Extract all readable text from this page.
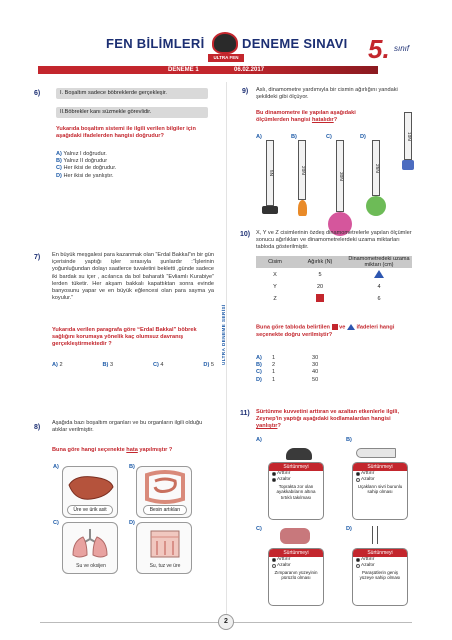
FEN BİLİMLERİ	DENEME SINAVI
ULTRA FEN
DENEME 1	06.02.2017
5. sınıf
6)	I. Boşaltım sadece böbreklerde gerçekleşir.
II.Böbrekler kanı süzmekle görevlidir.
Yukarıda boşaltım sistemi ile ilgili verilen bilgiler için aşağıdaki ifadelerden hangisi doğrudur?
A) Yalnız I doğrudur.
B) Yalnız II doğrudur
C) Her ikisi de doğrudur.
D) Her ikisi de yanlıştır.
7) En büyük meşgalesi para kazanmak olan “Erdal Bakkal”ın bir gün içerisinde yaptığı işler sırasıyla şunlardır :“İşlerinin yoğunluğundan dolayı saatlerce tuvaletini bekletti ,günde sadece iki bardak su içer , acılarıca da bol baharatlı “Evliamlı Kurabiye” lerden tüketir. Her akşam bakkalı kapattıktan sonra evinde banyosunu yapar ve en büyük eğlencesi olan para sayma ya koyulur.”
Yukarıda verilen paragrafa göre “Erdal Bakkal” böbrek sağlığını korumaya yönelik kaç olumsuz davranış gerçekleştirmektedir ?
A) 2	B) 3	C) 4	D) 5 ULTRA DENEME SERİSİ
8)
Aşağıda bazı boşaltım organları ve bu organların ilgili olduğu atıklar verilmiştir.
Buna göre hangi seçenekte hata yapılmıştır ?
A)
Üre ve ürik asit
B)
Besin artıkları
C)
Su ve oksijen
D)
Su, tuz ve üre
9) Aslı, dinamometre yardımıyla bir cismin ağırlığını yandaki şekildeki gibi ölçüyor.
Bu dinamometre ile yapılan aşağıdaki ölçümlerden hangisi hatalıdır?
10N
A)
5N
B)
20N
C)
30N
D)
25N
10) X, Y ve Z cisimlerinin özdeş dinamometrelerle yapılan ölçümler sonucu ağırlıkları ve dinamometrelerdeki uzama miktarları tabloda gösterilmiştir.
Cisim	Ağırlık (N)	Dinamometredeki uzama miktarı (cm)
X	5	
Y	20	4
Z		6
Buna göre tabloda belirtilen ve ifadeleri hangi seçenekte doğru verilmiştir?
A)	1	30
B)	2	30
C)	1	40
D)	1	50
11) Sürtünme kuvvetini arttıran ve azaltan etkenlerle ilgili, Zeynep'in yaptığı aşağıdaki kodlamalardan hangisi yanlıştır?
A)
Sürtünmeyi
Arttırır
Azaltır
Toprakta zor olan ayakkabıların altına tırtıklı takılması
B)
Sürtünmeyi
Arttırır
Azaltır
Uçakların sivri burunlu sahip olması
C)
Sürtünmeyi
Arttırır
Azaltır
Zımparanın yüzeyinin pürüzlü olması
D)
Sürtünmeyi
Arttırır
Azaltır
Paraşütlerin geniş yüzeye sahip olması
2
